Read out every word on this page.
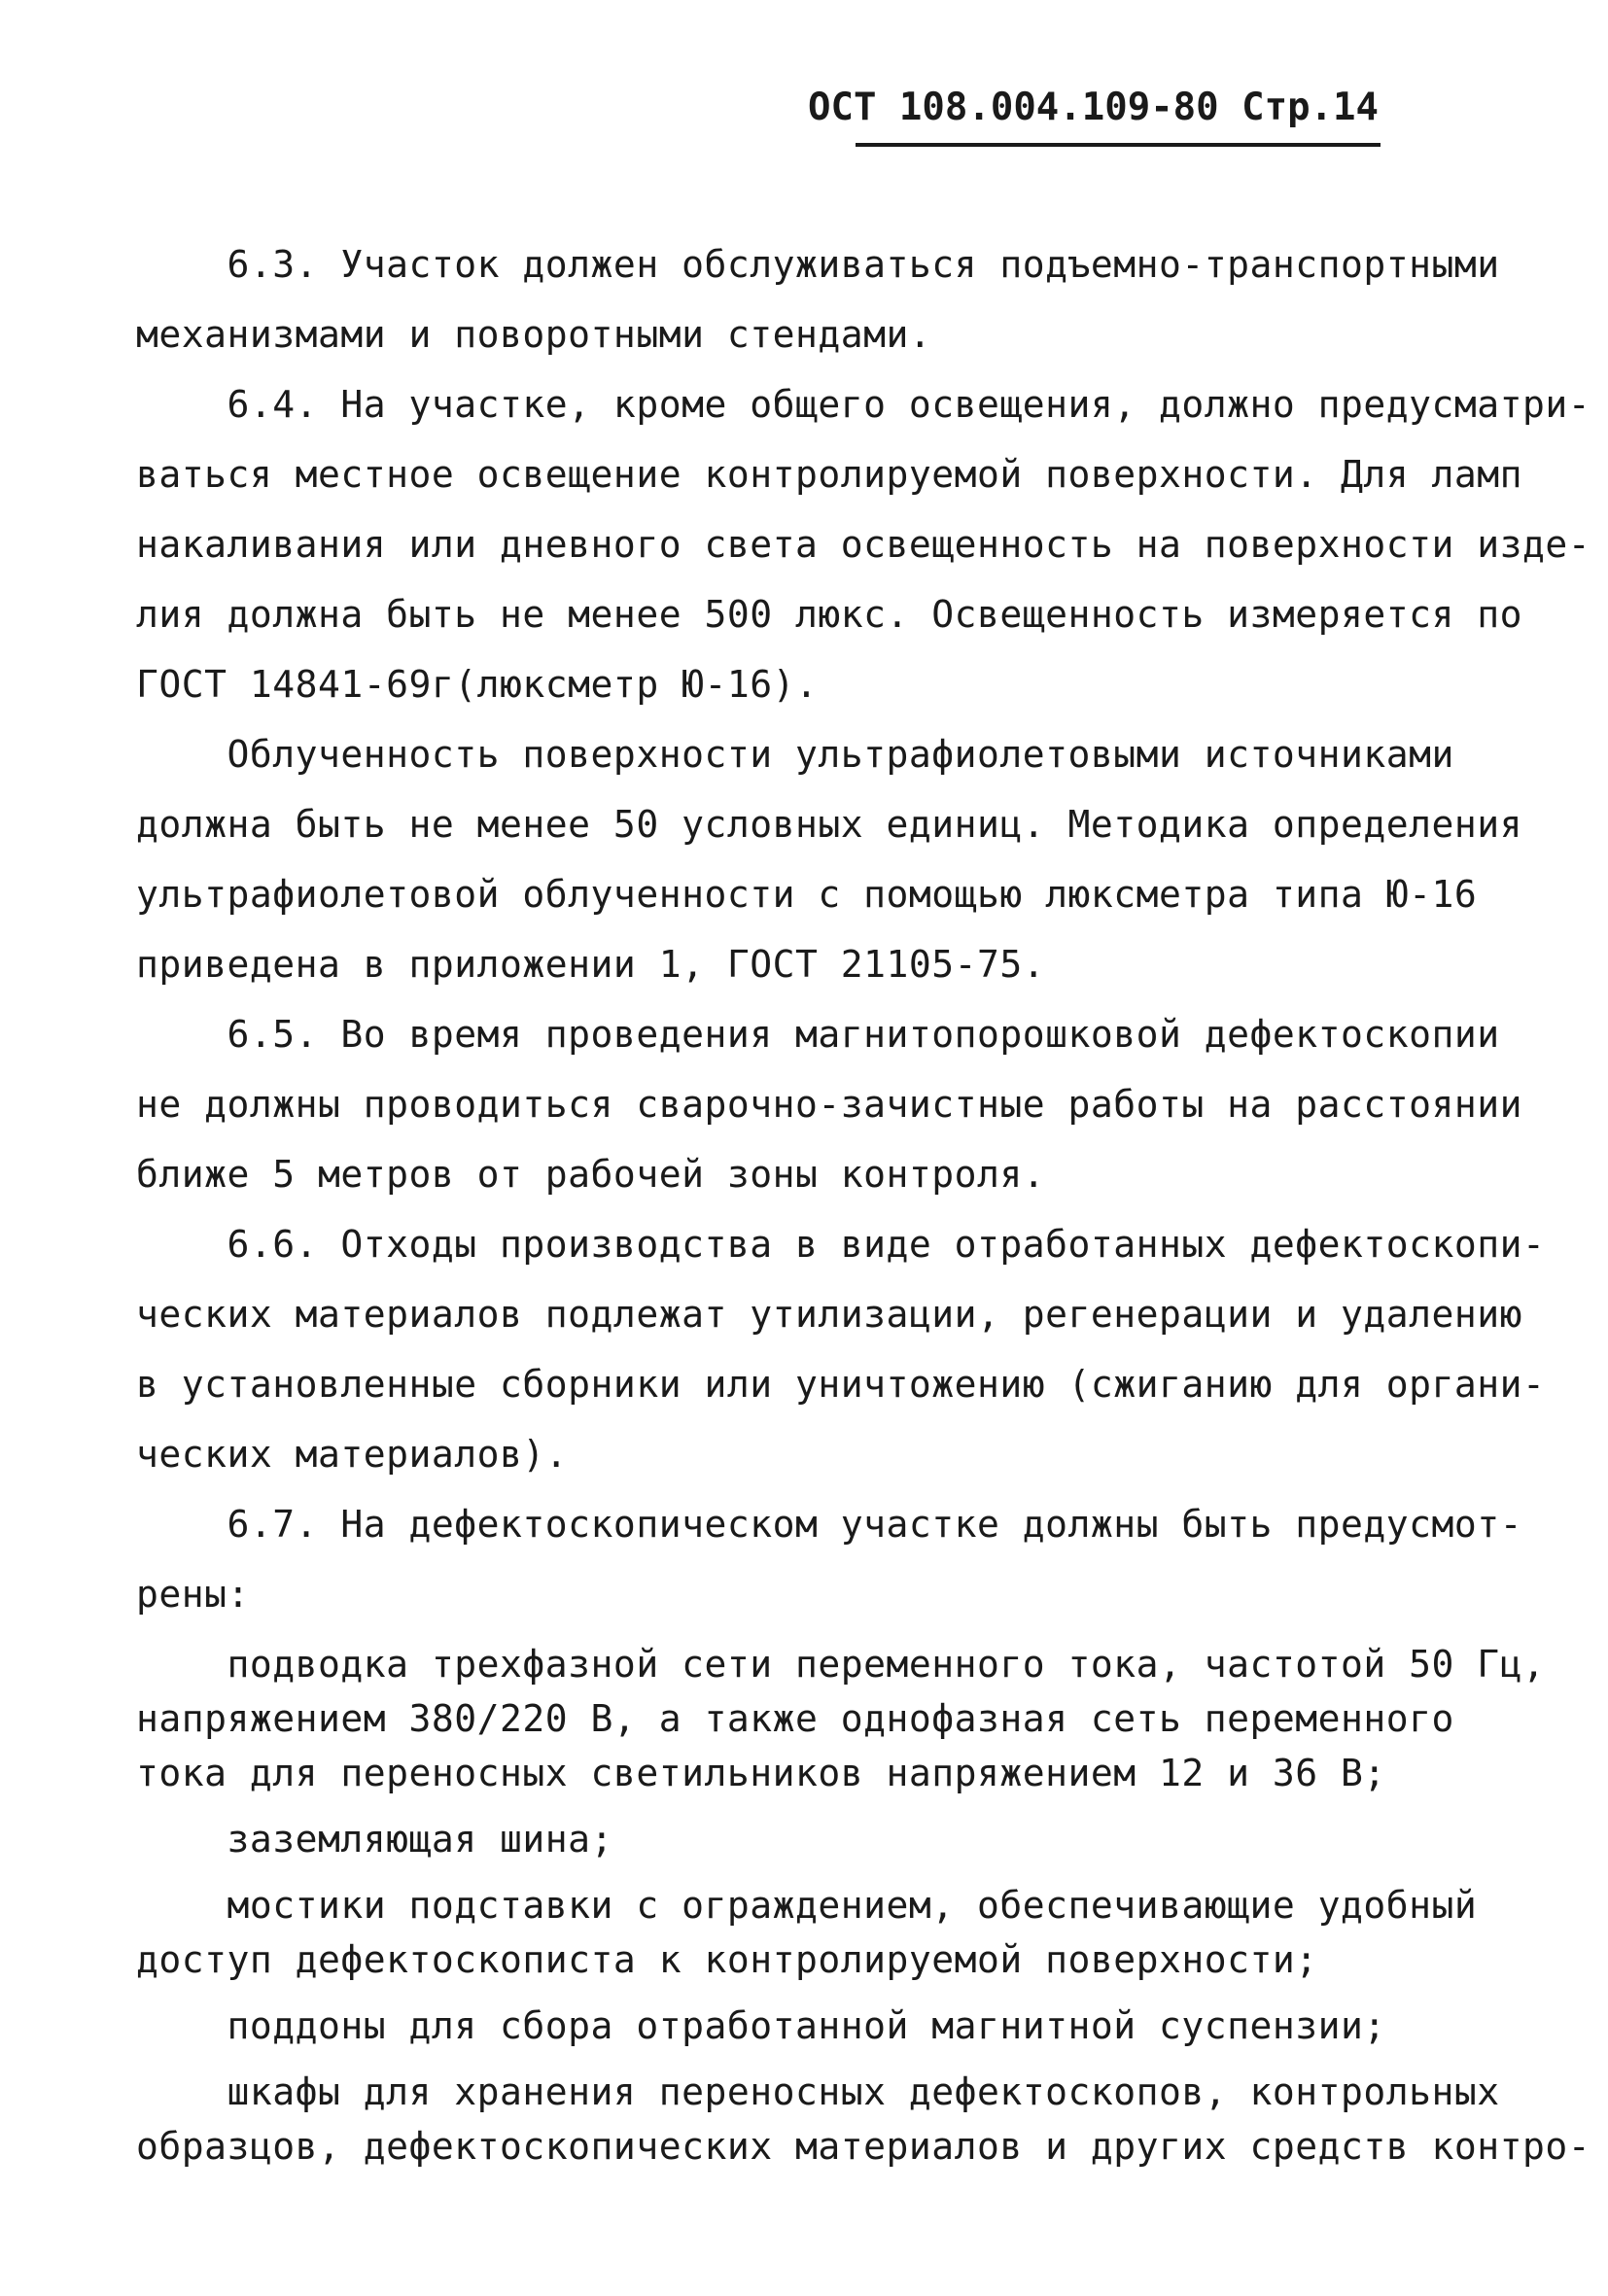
ОСТ 108.004.109-80 Стр.14
6.3. Участок должен обслуживаться подъемно-транспортными
механизмами и поворотными стендами.
6.4. На участке, кроме общего освещения, должно предусматри-
ваться местное освещение контролируемой поверхности. Для ламп
накаливания или дневного света освещенность на поверхности изде-
лия должна быть не менее 500 люкс. Освещенность измеряется по
ГОСТ 14841-69г(люксметр Ю-16).
Облученность поверхности ультрафиолетовыми источниками
должна быть не менее 50 условных единиц. Методика определения
ультрафиолетовой облученности с помощью люксметра типа Ю-16
приведена в приложении 1, ГОСТ 21105-75.
6.5. Во время проведения магнитопорошковой дефектоскопии
не должны проводиться сварочно-зачистные работы на расстоянии
ближе 5 метров от рабочей зоны контроля.
6.6. Отходы производства в виде отработанных дефектоскопи-
ческих материалов подлежат утилизации, регенерации и удалению
в установленные сборники или уничтожению (сжиганию для органи-
ческих материалов).
6.7. На дефектоскопическом участке должны быть предусмот-
рены:
подводка трехфазной сети переменного тока, частотой 50 Гц,
напряжением 380/220 В, а также однофазная сеть переменного
тока для переносных светильников напряжением 12 и 36 В;
заземляющая шина;
мостики подставки с ограждением, обеспечивающие удобный
доступ дефектоскописта к контролируемой поверхности;
поддоны для сбора отработанной магнитной суспензии;
шкафы для хранения переносных дефектоскопов, контрольных
образцов, дефектоскопических материалов и других средств контро-
